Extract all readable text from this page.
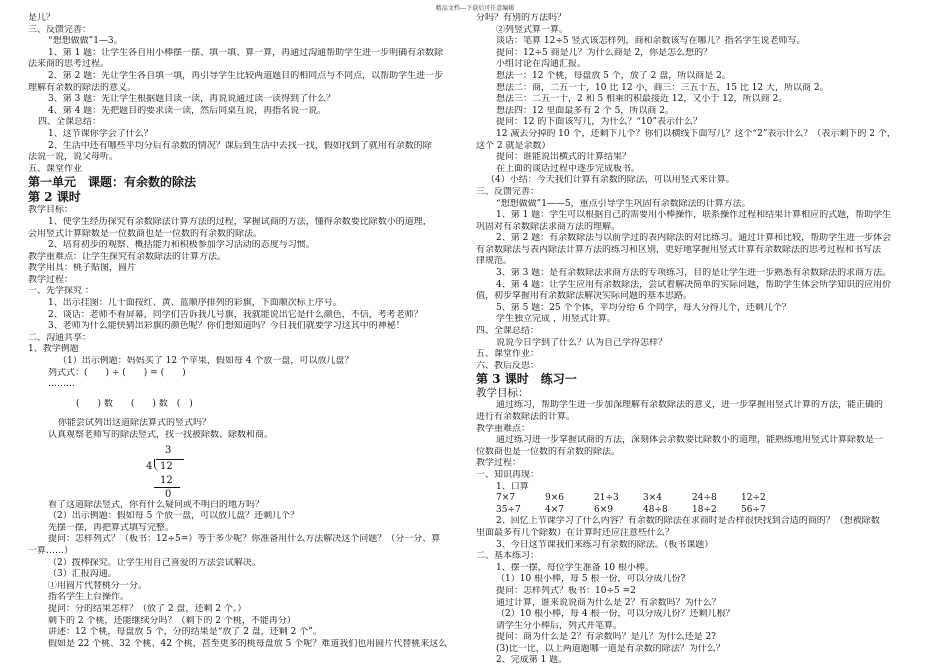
精品文档---下载后可任意编辑

是几？

三、反馈完善：

“想想做做”1—3。

1、第 1 题：让学生各自用小棒摆一摆、填一填、算一算，再通过沟通帮助学生进一步明确有余数除

法来商的思考过程。

2、第 2 题：先让学生各自填一填，再引导学生比较两道题目的相同点与不同点，以帮助学生进一步

理解有余数的除法的意义。

3、第 3 题：先让学生根据题目读一读，再说说通过读一读得到了什么？

4、第 4 题：先把题目的要求读一读，然后同桌互说，再指名说一说。

四、全课总结：

1、这节课你学会了什么？

2、生活中还有哪些平均分后有余数的情况？课后到生活中去找一找，假如找到了就用有余数的除

法说一说，说父母听。

五、课堂作业

第一单元　课题：有余数的除法

第 2 课时

教学目标：

1、使学生经历探究有余数除法计算方法的过程，掌握试商的方法，懂得余数要比除数小的道理，

会用竖式计算除数是一位数商也是一位数的有余数的除法。

2、培育初步的观察、概括能力和积极参加学习活动的态度与习惯。

教学重难点：让学生探究有余数除法的计算方法。

教学用具：桃子贴图，圆片

教学过程：

一、先学探究 ：

1、出示挂图：几十面按红、黄、蓝顺序排列的彩旗，下面顺次标上序号。

2、谈话：老师不看屏幕，同学们告诉我几号旗，我就能说出它是什么颜色，不信，考考老师？

3、老师为什么能快猜出彩旗的颜色呢？你们想知道吗？今日我们就要学习这其中的神秘！

二、沟通共享：

1、教学例题

（1）出示例题：妈妈买了 12 个苹果，假如每 4 个放一盘，可以放几盘？

列式式：(　　) ÷ (　　) = (　　)

………

　　(　　) 数　　(　　) 数　(　)

你能尝试列出这道除法算式的竖式吗？

认真观察老师写的除法竖式，找一找被除数、除数和商。

3
4 12
12
0

看了这道除法竖式，你有什么疑问或不明白的地方吗？

（2）出示例题：假如每 5 个放一盘，可以放几盘？还剩几个？

先摆一摆，再把算式填写完整。

提问：怎样列式？（板书：12÷5=）等于多少呢？你准备用什么方法解决这个问题？（分一分、算

一算……）

（2）拨棒探究。让学生用自己喜爱的方法尝试解决。

（3）汇报沟通。

①用圆片代替桃分一分。

指名学生上台操作。

提问：分的结果怎样？（放了 2 盘，还剩 2 个。）

剩下的 2 个桃，还能继续分吗？（剩下的 2 个桃，不能再分）

讲述：12 个桃，每盘放 5 个，分的结果是“放了 2 盘，还剩 2 个”。

假如是 22 个桃、32 个桃、42 个桃，甚至更多的桃每盘放 5 个呢？难道我们也用圆片代替桃来这么

分吗？有别的方法吗？

②列竖式算一算。

谈话：笔算 12÷5 竖式该怎样列，商和余数该写在哪儿？指名学生说老师写。

提问：12÷5 商是几？为什么商是 2，你是怎么想的？

小组讨论在沟通汇报。

想法一：12 个桃，每盘放 5 个，放了 2 盘，所以商是 2。

想法二：商，二五一十，10 比 12 小，商三：三五十五，15 比 12 大，所以商 2。

想法三：二五一十，2 和 5 相乘的积最接近 12，又小于 12，所以商 2。

想法四：12 里面最多有 2 个 5，所以商 2。

提问：12 的下面该写几，为什么？“10”表示什么？

12 减去分掉的 10 个，还剩下几个？你们以横线下面写几？这个“2”表示什么？（表示剩下的 2 个，

这个 2 就是余数）

提问：谁能说出横式的计算结果？

在上面的谈话过程中逐步完成板书。

（4）小结：今天我们计算有余数的除法，可以用竖式来计算。

三、反馈完善：

“想想做做”1——5，重点引导学生巩固有余数除法的计算方法。

1、第 1 题：学生可以根据自己的需要用小棒操作，联系操作过程和结果计算相应的式题，帮助学生

巩固对有余数除法求商方法的理解。

2、第 2 题：有余数除法与以前学过的表内除法的对比练习。通过计算和比较，帮助学生进一步体会

有余数除法与表内除法计算方法的练习和区别，更好地掌握用竖式计算有余数除法的思考过程和书写法

律规范。

3、第 3 题：是有余数除法求商方法的专项练习，目的是让学生进一步熟悉有余数除法的求商方法。

4、第 4 题：让学生应用有余数除法，尝试着解决简单的实际问题，帮助学生体会所学知识的应用价

值，初步掌握用有余数除法解决实际问题的基本思路。

5、第 5 题：25 个个体，平均分给 6 个同学，每人分得几个，还剩几个？

学生独立完成 ，用竖式计算。

四、全课总结：

说说今日学到了什么？认为自己学得怎样？

五、课堂作业：

六、教后反思：

第 3 课时　练习一

教学目标：

通过练习，帮助学生进一步加深理解有余数除法的意义，进一步掌握用竖式计算的方法，能正确的

进行有余数除法的计算。

教学重难点：

通过练习进一步掌握试商的方法，深刻体会余数要比除数小的道理，能熟练地用竖式计算除数是一

位数商也是一位数的有余数的除法。

教学过程：

一、知识再现：

1、口算

7×7	9×6	21÷3	3×4	24÷8	12÷2

35÷7	4×7	6×9	48÷8	18÷2	56÷7

2、回忆上节课学习了什么内容？有余数的除法在求商时是否样很快找到合适的商的？（想被除数

里面最多有几个除数）在计算时还应注意些什么？

3、今日这节课我们来练习有余数的除法。（板书课题）

二、基本练习：

1、摆一摆，每位学生准备 10 根小棒。

（1）10 根小棒，每 5 根一份，可以分成几份?

提问：怎样列式？板书：10÷5 =2

通过计算，谁来说说商为什么是 2？有余数吗？为什么？

（2）10 根小棒，每 4 根一份，可以分成几份？还剩几根？

请学生分小棒后，列式并笔算。

提问：商为什么是 2？有余数吗？是几？为什么还是 2?

(3)比一比，以上两道题哪一道是有余数的除法？为什么？

2、完成第 1 题。
